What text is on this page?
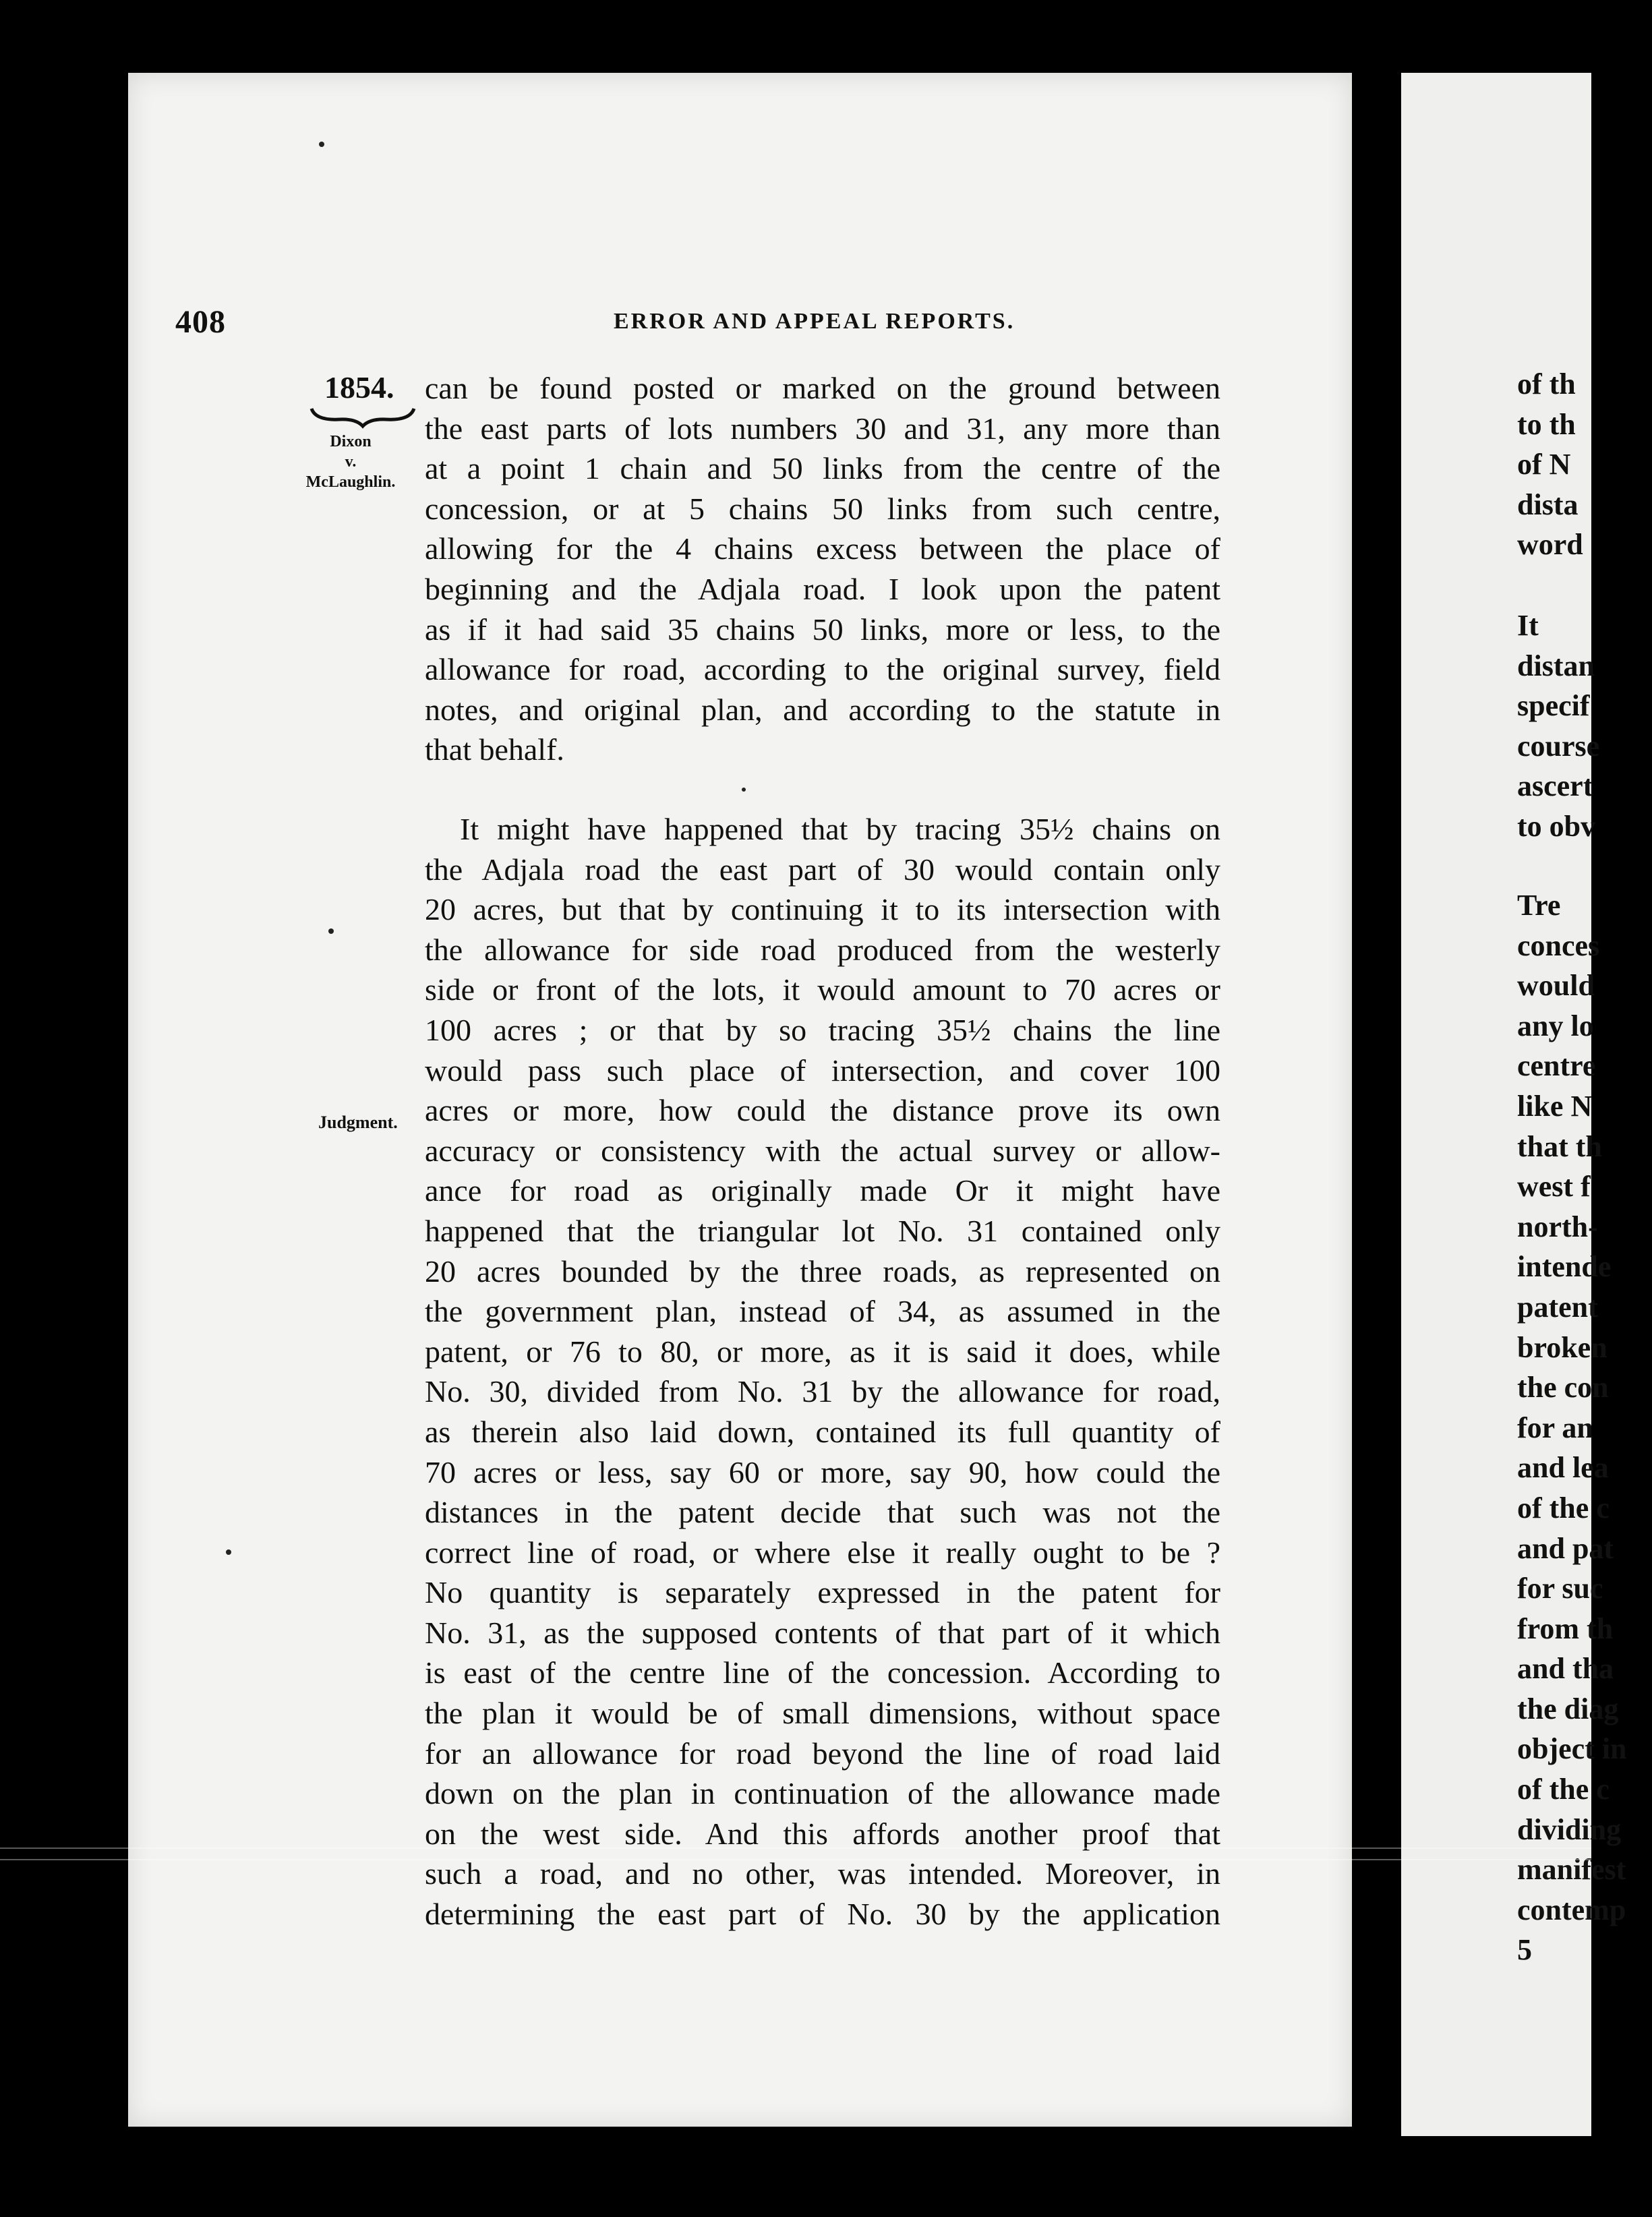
408	ERROR AND APPEAL REPORTS.
1854.
Dixon
v.
McLaughlin.
Judgment.
can be found posted or marked on the ground between
the east parts of lots numbers 30 and 31, any more than
at a point 1 chain and 50 links from the centre of the
concession, or at 5 chains 50 links from such centre,
allowing for the 4 chains excess between the place of
beginning and the Adjala road. I look upon the patent
as if it had said 35 chains 50 links, more or less, to the
allowance for road, according to the original survey, field
notes, and original plan, and according to the statute in
that behalf.
It might have happened that by tracing 35½ chains on
the Adjala road the east part of 30 would contain only
20 acres, but that by continuing it to its intersection with
the allowance for side road produced from the westerly
side or front of the lots, it would amount to 70 acres or
100 acres ; or that by so tracing 35½ chains the line
would pass such place of intersection, and cover 100
acres or more, how could the distance prove its own
accuracy or consistency with the actual survey or allow-
ance for road as originally made Or it might have
happened that the triangular lot No. 31 contained only
20 acres bounded by the three roads, as represented on
the government plan, instead of 34, as assumed in the
patent, or 76 to 80, or more, as it is said it does, while
No. 30, divided from No. 31 by the allowance for road,
as therein also laid down, contained its full quantity of
70 acres or less, say 60 or more, say 90, how could the
distances in the patent decide that such was not the
correct line of road, or where else it really ought to be ?
No quantity is separately expressed in the patent for
No. 31, as the supposed contents of that part of it which
is east of the centre line of the concession. According to
the plan it would be of small dimensions, without space
for an allowance for road beyond the line of road laid
down on the plan in continuation of the allowance made
on the west side. And this affords another proof that
such a road, and no other, was intended. Moreover, in
determining the east part of No. 30 by the application
of th
to th
of N
dista
word
It
distan
specif
course
ascert
to obv
Tre
conces
would
any lo
centre
like N
that th
west f
north-
intende
patent
broken
the con
for an
and lea
of the c
and pat
for suc
from th
and tha
the diag
object in
of the c
dividing
manifest
contemp
5
